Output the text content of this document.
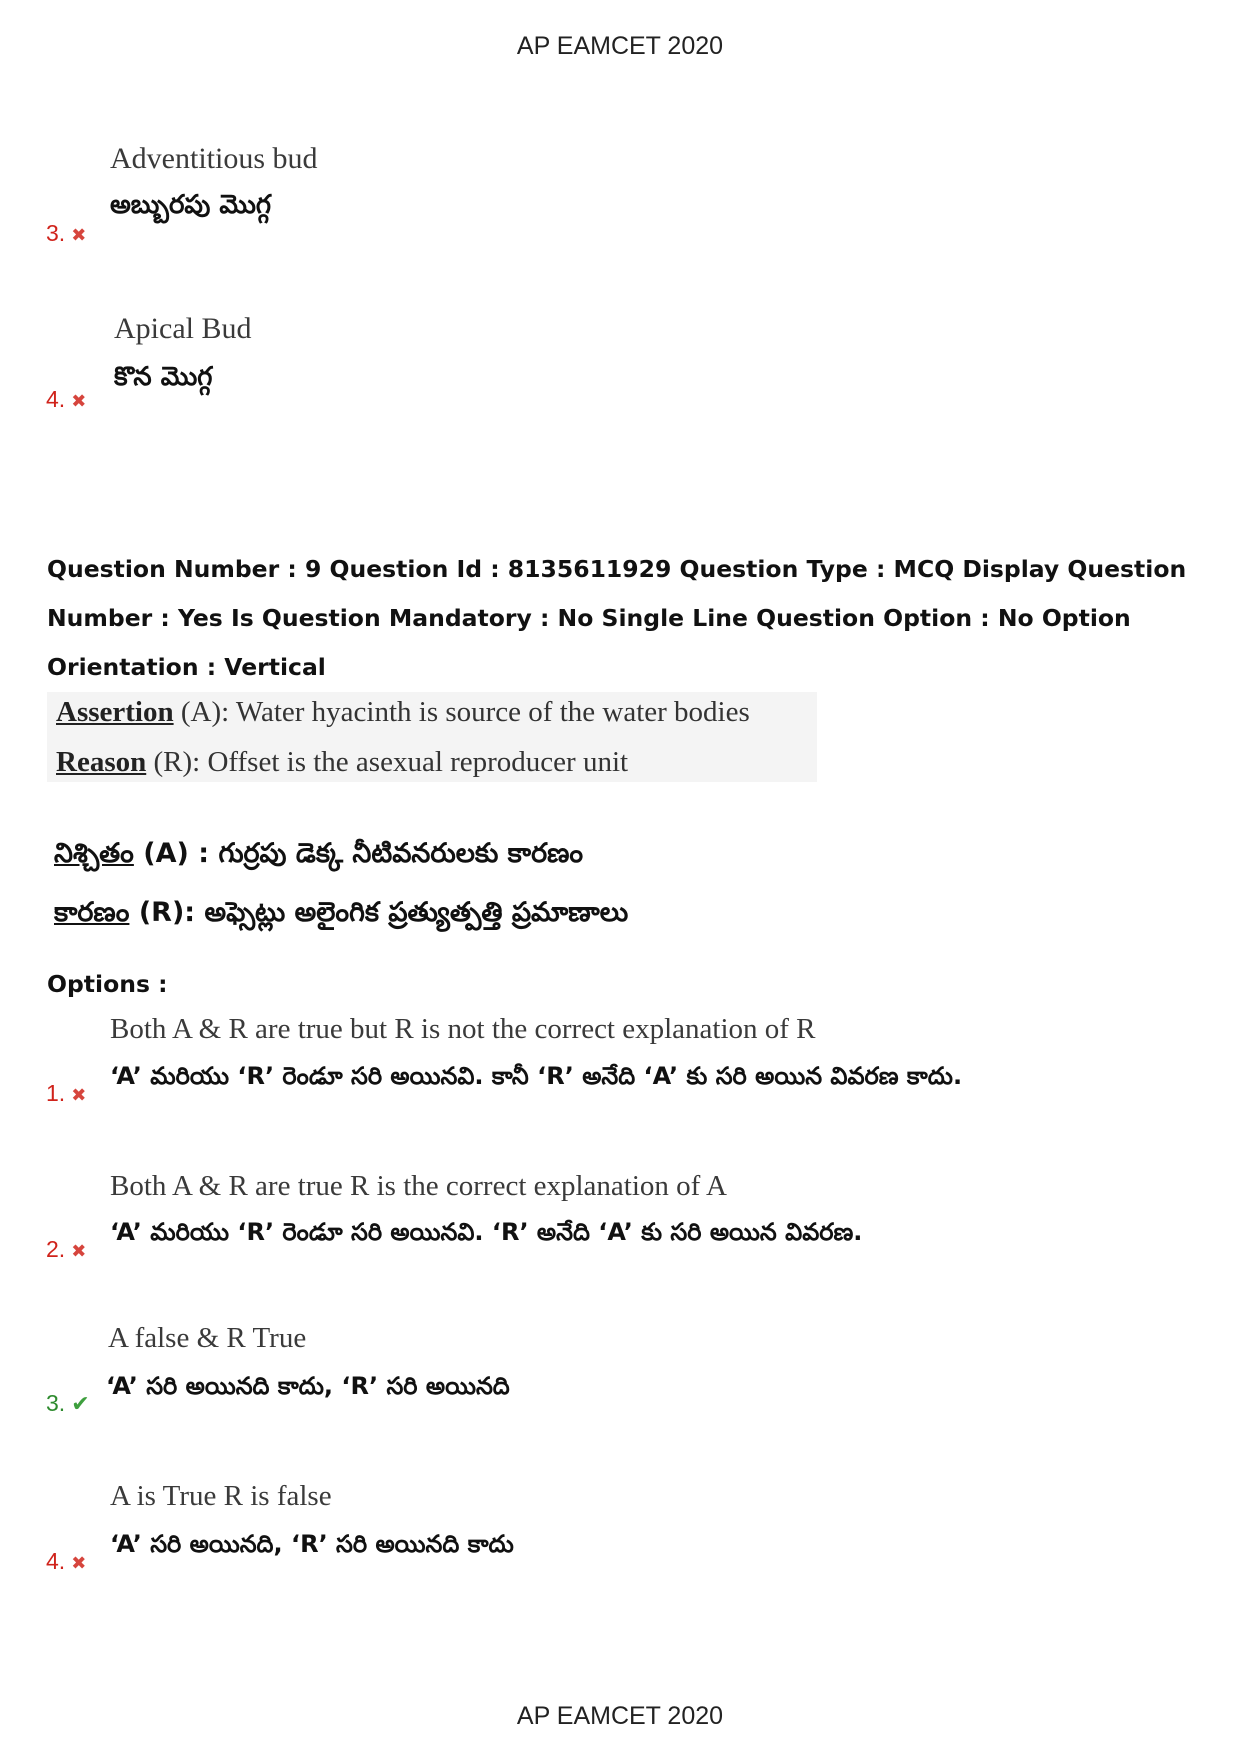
AP EAMCET 2020
Adventitious bud
అబ్బురపు మొగ్గ
3. ✖
Apical Bud
కొన మొగ్గ
4. ✖
Question Number : 9 Question Id : 8135611929 Question Type : MCQ Display Question
Number : Yes Is Question Mandatory : No Single Line Question Option : No Option
Orientation : Vertical
Assertion (A): Water hyacinth is source of the water bodies
Reason (R): Offset is the asexual reproducer unit
నిశ్చితం (A) : గుర్రపు డెక్క నీటివనరులకు కారణం
కారణం (R): అఫ్సెట్లు అలైంగిక ప్రత్యుత్పత్తి ప్రమాణాలు
Options :
Both A & R are true but R is not the correct explanation of R
‘A’ మరియు ‘R’ రెండూ సరి అయినవి. కానీ ‘R’ అనేది ‘A’ కు సరి అయిన వివరణ కాదు.
1. ✖
Both A & R are true R is the correct explanation of A
‘A’ మరియు ‘R’ రెండూ సరి అయినవి. ‘R’ అనేది ‘A’ కు సరి అయిన వివరణ.
2. ✖
A false & R True
‘A’ సరి అయినది కాదు, ‘R’ సరి అయినది
3. ✔
A is True R is false
‘A’ సరి అయినది, ‘R’ సరి అయినది కాదు
4. ✖
AP EAMCET 2020
